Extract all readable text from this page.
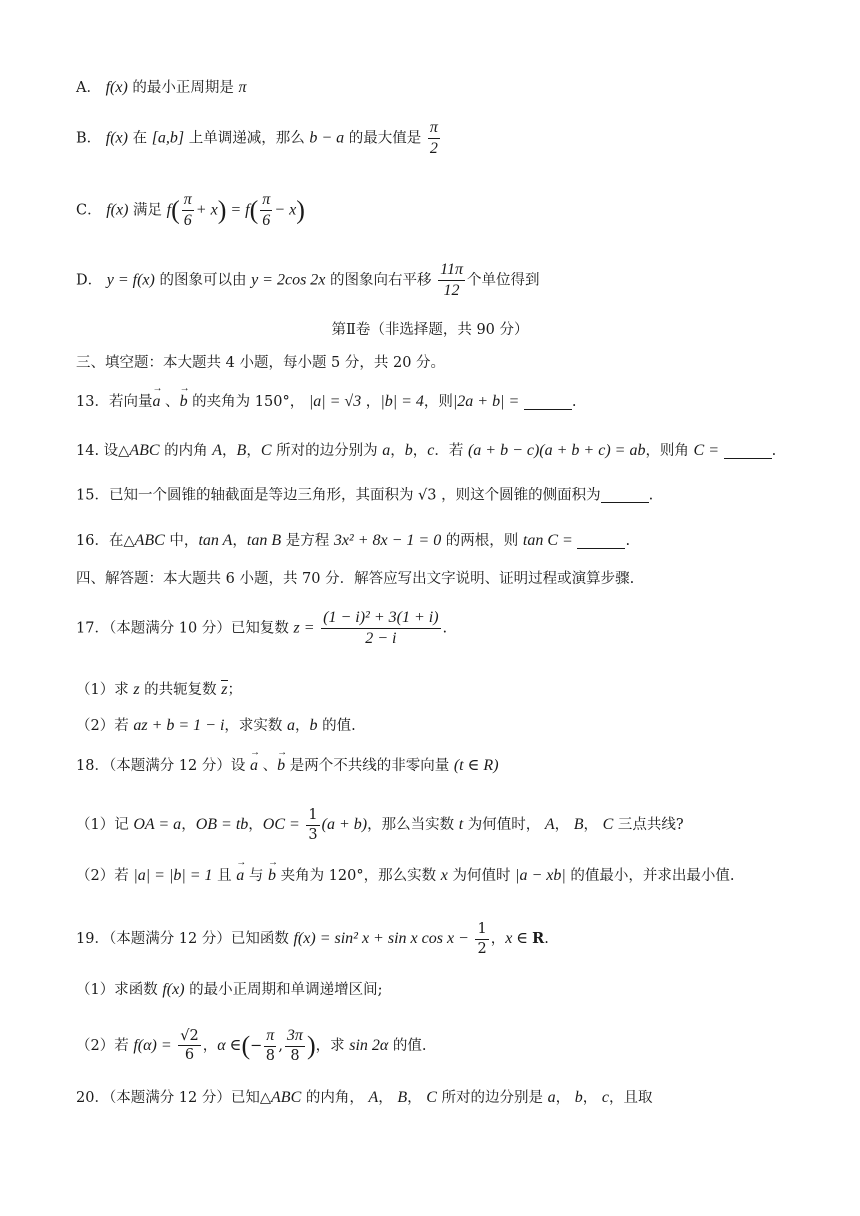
A． f(x) 的最小正周期是 π
B． f(x) 在 [a,b] 上单调递减，那么 b − a 的最大值是 $\frac{\pi}{2}$
C． f(x) 满足 $f( \frac{\pi}{6} + x) = f( \frac{\pi}{6} - x)$
D． y = f(x) 的图象可以由 y = 2cos 2x 的图象向右平移 $\frac{11\pi}{12}$ 个单位得到
第Ⅱ卷（非选择题，共 90 分）
三、填空题：本大题共 4 小题，每小题 5 分，共 20 分。
13．若向量→ a 、→ b 的夹角为 150°， |a| = √3 ，|b| = 4，则|2a + b| =	.
14. 设△ABC 的内角 A，B，C 所对的边分别为 a，b，c．若 (a + b − c)(a + b + c) = ab，则角 C =	.
15．已知一个圆锥的轴截面是等边三角形，其面积为 √3 ，则这个圆锥的侧面积为	.
16．在△ABC 中，tan A，tan B 是方程 3x² + 8x − 1 = 0 的两根，则 tan C =	.
四、解答题：本大题共 6 小题，共 70 分．解答应写出文字说明、证明过程或演算步骤.
17．（本题满分 10 分）已知复数 $z = \frac{\text{(1 − i)² + 3(1 + i)}}{2 - i}$ .
（1）求 z 的共轭复数 z；
（2）若 az + b = 1 − i，求实数 a，b 的值.
18．（本题满分 12 分）设 → a 、→ b 是两个不共线的非零向量 (t ∈ R)
（1）记 OA = a，OB = tb，OC = $\frac{1}{3} (a + b)$，那么当实数 t 为何值时， A， B， C 三点共线?
（2）若 |a| = |b| = 1 且 → a 与 → b 夹角为 120°，那么实数 x 为何值时 |a − xb| 的值最小，并求出最小值.
19．（本题满分 12 分）已知函数 f(x) = sin² x + sin x $\cos x - \frac{1}{2}$ ，x ∈ R.
（1）求函数 f(x) 的最小正周期和单调递增区间;
（2）若 $f(\alpha) = \frac{√2}{6}$ ，α ∈(− $\frac{\pi}{8}$ , $\frac{3\pi}{8}$ )，求 sin 2α 的值.
20．（本题满分 12 分）已知△ABC 的内角， A， B， C 所对的边分别是 a， b， c，且取
